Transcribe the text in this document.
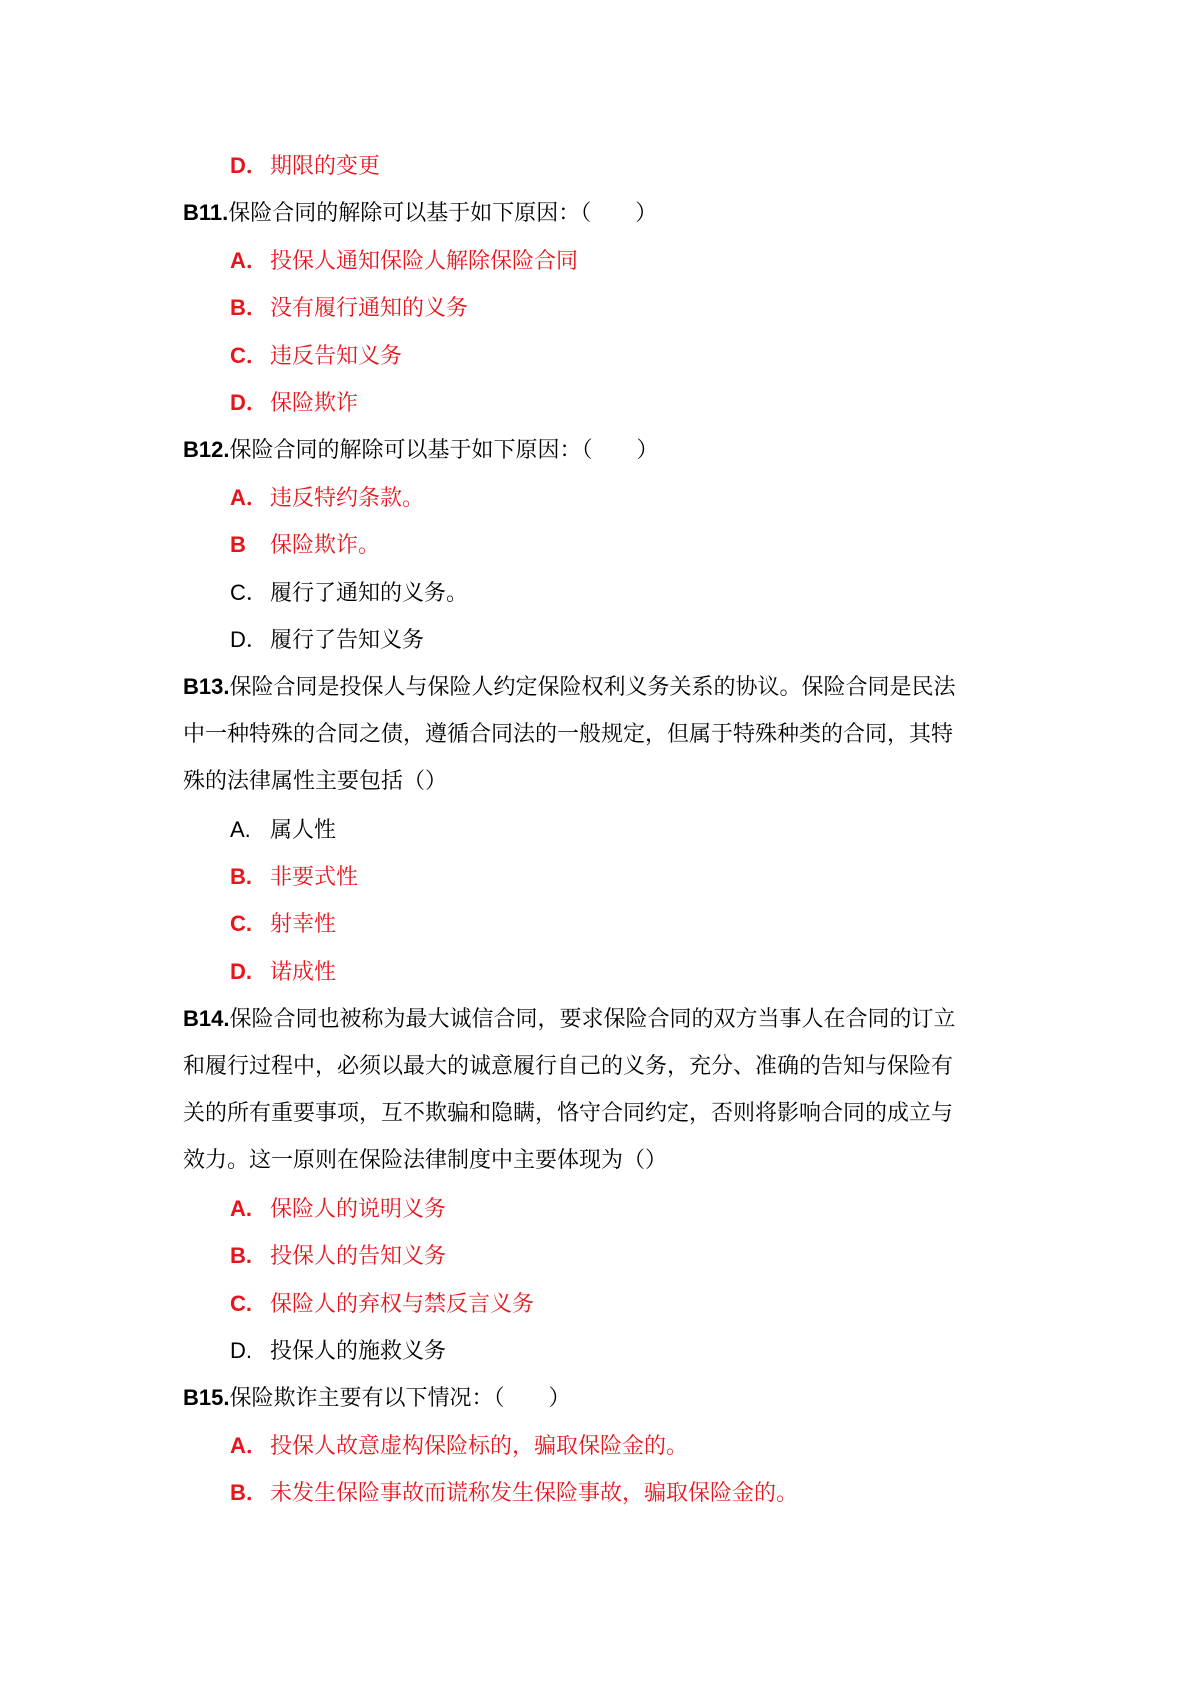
D．期限的变更
B11.保险合同的解除可以基于如下原因：（　　）
A．投保人通知保险人解除保险合同
B．没有履行通知的义务
C．违反告知义务
D．保险欺诈
B12.保险合同的解除可以基于如下原因：（　　）
A．违反特约条款。
B 保险欺诈。
C．履行了通知的义务。
D．履行了告知义务
B13.保险合同是投保人与保险人约定保险权利义务关系的协议。保险合同是民法
中一种特殊的合同之债，遵循合同法的一般规定，但属于特殊种类的合同，其特
殊的法律属性主要包括（）
A. 属人性
B. 非要式性
C. 射幸性
D. 诺成性
B14.保险合同也被称为最大诚信合同，要求保险合同的双方当事人在合同的订立
和履行过程中，必须以最大的诚意履行自己的义务，充分、准确的告知与保险有
关的所有重要事项，互不欺骗和隐瞒，恪守合同约定，否则将影响合同的成立与
效力。这一原则在保险法律制度中主要体现为（）
A. 保险人的说明义务
B. 投保人的告知义务
C. 保险人的弃权与禁反言义务
D. 投保人的施救义务
B15.保险欺诈主要有以下情况：（　　）
A．投保人故意虚构保险标的，骗取保险金的。
B．未发生保险事故而谎称发生保险事故，骗取保险金的。
